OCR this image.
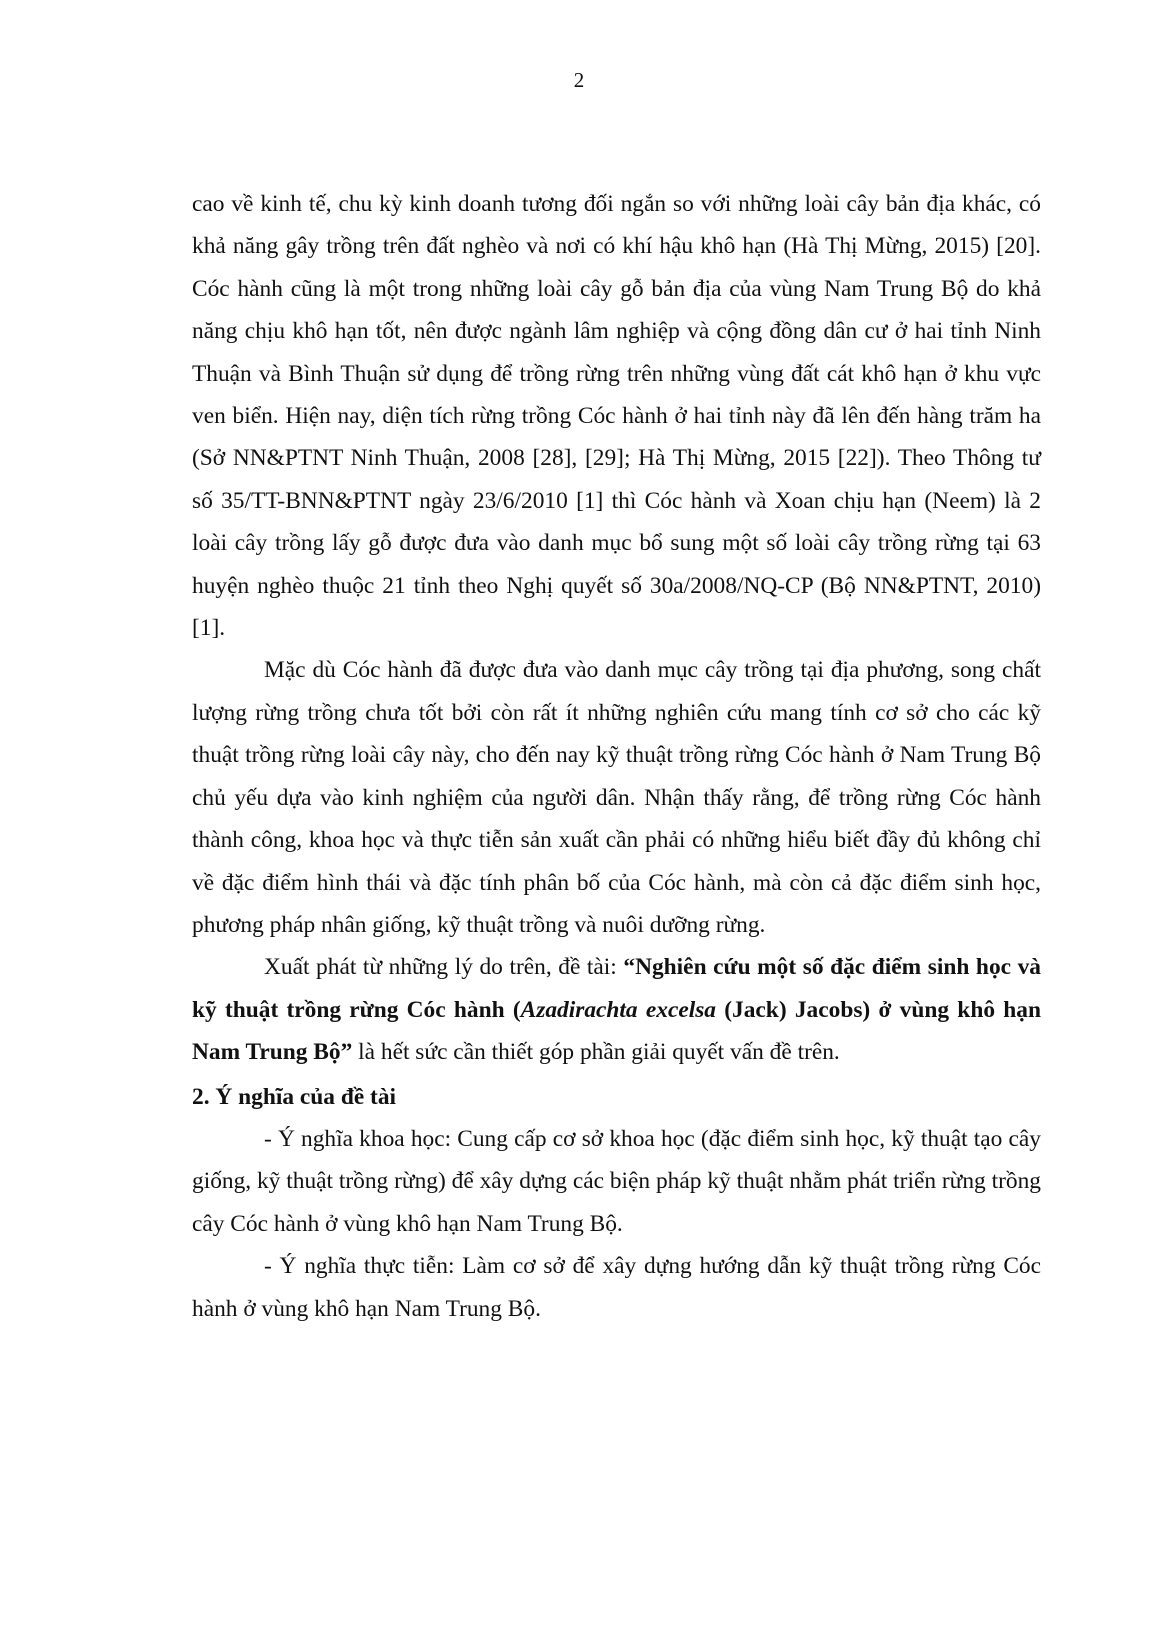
2

cao về kinh tế, chu kỳ kinh doanh tương đối ngắn so với những loài cây bản địa khác, có khả năng gây trồng trên đất nghèo và nơi có khí hậu khô hạn (Hà Thị Mừng, 2015) [20]. Cóc hành cũng là một trong những loài cây gỗ bản địa của vùng Nam Trung Bộ do khả năng chịu khô hạn tốt, nên được ngành lâm nghiệp và cộng đồng dân cư ở hai tỉnh Ninh Thuận và Bình Thuận sử dụng để trồng rừng trên những vùng đất cát khô hạn ở khu vực ven biển. Hiện nay, diện tích rừng trồng Cóc hành ở hai tỉnh này đã lên đến hàng trăm ha (Sở NN&PTNT Ninh Thuận, 2008 [28], [29]; Hà Thị Mừng, 2015 [22]). Theo Thông tư số 35/TT-BNN&PTNT ngày 23/6/2010 [1] thì Cóc hành và Xoan chịu hạn (Neem) là 2 loài cây trồng lấy gỗ được đưa vào danh mục bổ sung một số loài cây trồng rừng tại 63 huyện nghèo thuộc 21 tỉnh theo Nghị quyết số 30a/2008/NQ-CP (Bộ NN&PTNT, 2010) [1].

Mặc dù Cóc hành đã được đưa vào danh mục cây trồng tại địa phương, song chất lượng rừng trồng chưa tốt bởi còn rất ít những nghiên cứu mang tính cơ sở cho các kỹ thuật trồng rừng loài cây này, cho đến nay kỹ thuật trồng rừng Cóc hành ở Nam Trung Bộ chủ yếu dựa vào kinh nghiệm của người dân. Nhận thấy rằng, để trồng rừng Cóc hành thành công, khoa học và thực tiễn sản xuất cần phải có những hiểu biết đầy đủ không chỉ về đặc điểm hình thái và đặc tính phân bố của Cóc hành, mà còn cả đặc điểm sinh học, phương pháp nhân giống, kỹ thuật trồng và nuôi dưỡng rừng.

Xuất phát từ những lý do trên, đề tài: “Nghiên cứu một số đặc điểm sinh học và kỹ thuật trồng rừng Cóc hành (Azadirachta excelsa (Jack) Jacobs) ở vùng khô hạn Nam Trung Bộ” là hết sức cần thiết góp phần giải quyết vấn đề trên.

2. Ý nghĩa của đề tài

- Ý nghĩa khoa học: Cung cấp cơ sở khoa học (đặc điểm sinh học, kỹ thuật tạo cây giống, kỹ thuật trồng rừng) để xây dựng các biện pháp kỹ thuật nhằm phát triển rừng trồng cây Cóc hành ở vùng khô hạn Nam Trung Bộ.

- Ý nghĩa thực tiễn: Làm cơ sở để xây dựng hướng dẫn kỹ thuật trồng rừng Cóc hành ở vùng khô hạn Nam Trung Bộ.
